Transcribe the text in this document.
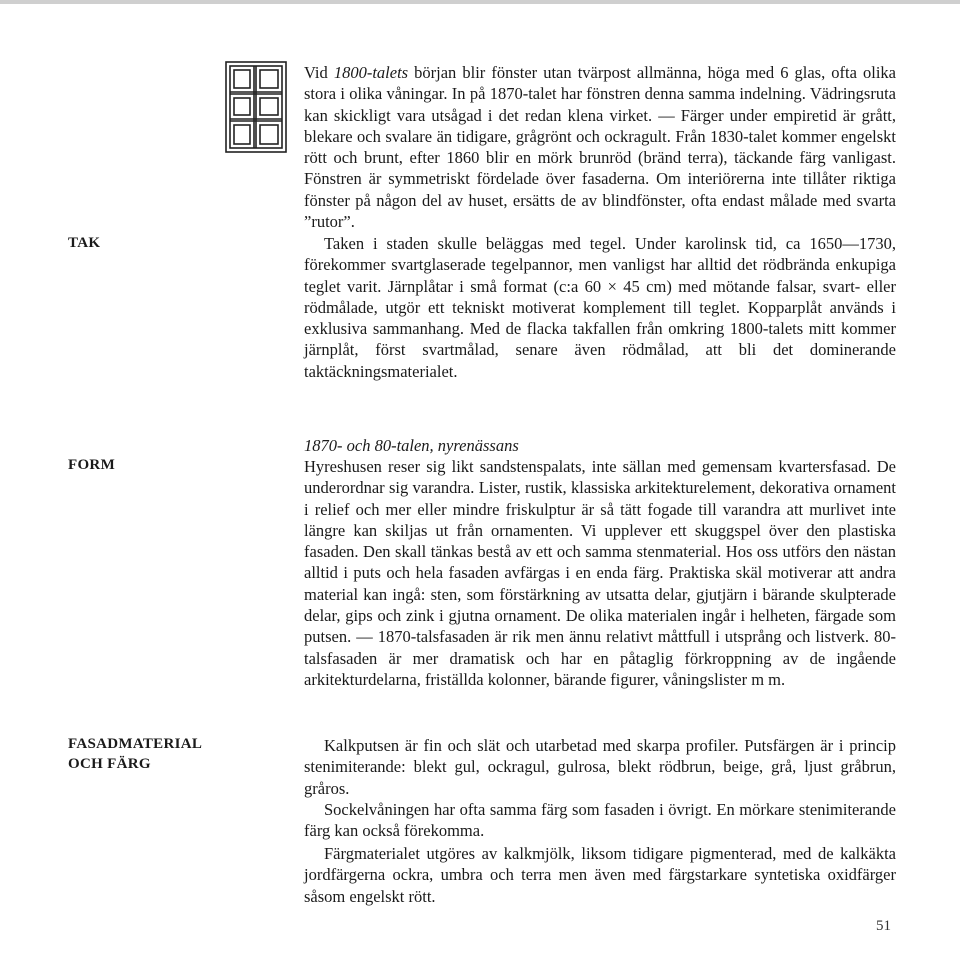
TAK
FORM
FASADMATERIAL
OCH FÄRG

Vid 1800-talets början blir fönster utan tvärpost allmänna, höga med 6 glas, ofta olika stora i olika våningar. In på 1870-talet har fönstren denna samma indelning. Vädringsruta kan skickligt vara utsågad i det redan klena virket. — Färger under empiretid är grått, blekare och svalare än tidigare, grågrönt och ockragult. Från 1830-talet kommer engelskt rött och brunt, efter 1860 blir en mörk brunröd (bränd terra), täckande färg vanligast. Fönstren är symmetriskt fördelade över fasaderna. Om interiörerna inte tillåter riktiga fönster på någon del av huset, ersätts de av blindfönster, ofta endast målade med svarta ”rutor”.

Taken i staden skulle beläggas med tegel. Under karolinsk tid, ca 1650—1730, förekommer svartglaserade tegelpannor, men vanligst har alltid det rödbrända enkupiga teglet varit. Järnplåtar i små format (c:a 60 × 45 cm) med mötande falsar, svart- eller rödmålade, utgör ett tekniskt motiverat komplement till teglet. Kopparplåt används i exklusiva sammanhang. Med de flacka takfallen från omkring 1800-talets mitt kommer järnplåt, först svartmålad, senare även rödmålad, att bli det dominerande taktäckningsmaterialet.

1870- och 80-talen, nyrenässans

Hyreshusen reser sig likt sandstenspalats, inte sällan med gemensam kvartersfasad. De underordnar sig varandra. Lister, rustik, klassiska arkitekturelement, dekorativa ornament i relief och mer eller mindre friskulptur är så tätt fogade till varandra att murlivet inte längre kan skiljas ut från ornamenten. Vi upplever ett skuggspel över den plastiska fasaden. Den skall tänkas bestå av ett och samma stenmaterial. Hos oss utförs den nästan alltid i puts och hela fasaden avfärgas i en enda färg. Praktiska skäl motiverar att andra material kan ingå: sten, som förstärkning av utsatta delar, gjutjärn i bärande skulpterade delar, gips och zink i gjutna ornament. De olika materialen ingår i helheten, färgade som putsen. — 1870-talsfasaden är rik men ännu relativt måttfull i utsprång och listverk. 80-talsfasaden är mer dramatisk och har en påtaglig förkroppning av de ingående arkitekturdelarna, friställda kolonner, bärande figurer, våningslister m m.

Kalkputsen är fin och slät och utarbetad med skarpa profiler. Putsfärgen är i princip stenimiterande: blekt gul, ockragul, gulrosa, blekt rödbrun, beige, grå, ljust gråbrun, gråros.

Sockelvåningen har ofta samma färg som fasaden i övrigt. En mörkare stenimiterande färg kan också förekomma.

Färgmaterialet utgöres av kalkmjölk, liksom tidigare pigmenterad, med de kalkäkta jordfärgerna ockra, umbra och terra men även med färgstarkare syntetiska oxidfärger såsom engelskt rött.

51
